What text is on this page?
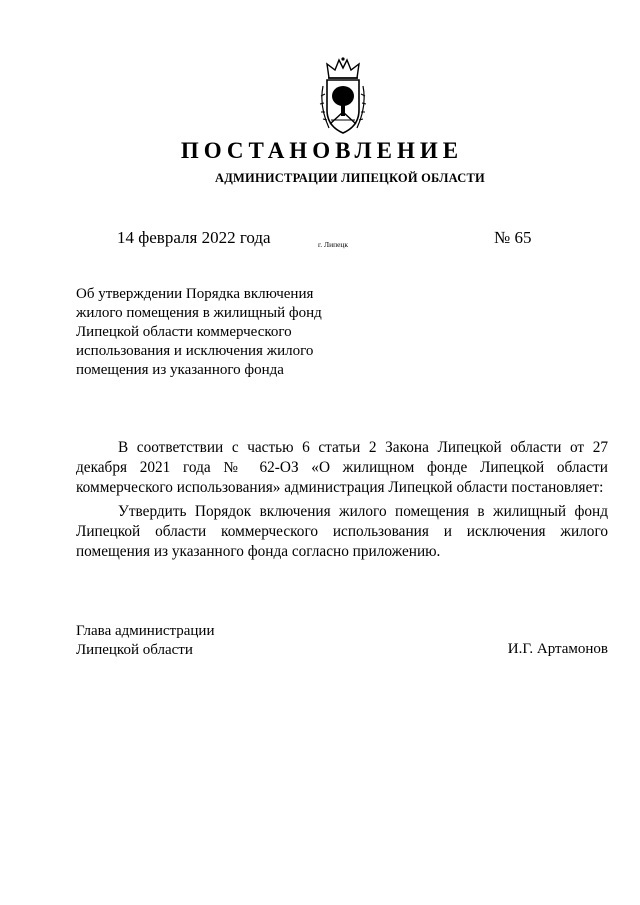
ПОСТАНОВЛЕНИЕ
АДМИНИСТРАЦИИ ЛИПЕЦКОЙ ОБЛАСТИ
14 февраля 2022 года	г. Липецк	№ 65
Об утверждении Порядка включения
жилого помещения в жилищный фонд
Липецкой области коммерческого
использования и исключения жилого
помещения из указанного фонда
В соответствии с частью 6 статьи 2 Закона Липецкой области от 27 декабря 2021 года № 62-ОЗ «О жилищном фонде Липецкой области коммерческого использования» администрация Липецкой области постановляет:
Утвердить Порядок включения жилого помещения в жилищный фонд Липецкой области коммерческого использования и исключения жилого помещения из указанного фонда согласно приложению.
Глава администрации
Липецкой области	И.Г. Артамонов
